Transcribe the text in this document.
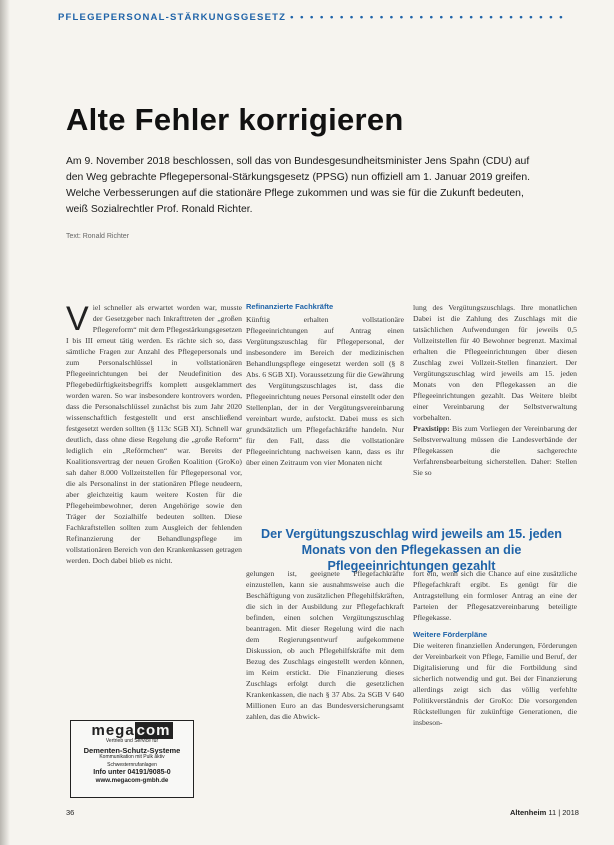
PFLEGEPERSONAL-STÄRKUNGSGESETZ • • • • • • • • • • • • • • • • • • • • • • • • • • • •
Alte Fehler korrigieren
Am 9. November 2018 beschlossen, soll das von Bundesgesundheitsminister Jens Spahn (CDU) auf den Weg gebrachte Pflegepersonal-Stärkungsgesetz (PPSG) nun offiziell am 1. Januar 2019 greifen. Welche Verbesserungen auf die stationäre Pflege zukommen und was sie für die Zukunft bedeuten, weiß Sozialrechtler Prof. Ronald Richter.
Text: Ronald Richter
V iel schneller als erwartet worden war, musste der Gesetzgeber nach Inkrafttreten der „großen Pflegereform“ mit dem Pflegestärkungsgesetzen I bis III erneut tätig werden. Es rächte sich so, dass sämtliche Fragen zur Anzahl des Pflegepersonals und zum Personalschlüssel in vollstationären Pflegeeinrichtungen bei der Neudefinition des Pflegebedürftigkeitsbegriffs komplett ausgeklammert worden waren. So war insbesondere kontrovers worden, dass die Personalschlüssel zunächst bis zum Jahr 2020 wissenschaftlich festgestellt und erst anschließend festgesetzt werden sollten (§ 113c SGB XI). Schnell war deutlich, dass ohne diese Regelung die „große Reform“ lediglich ein „Reförmchen“ war. Bereits der Koalitionsvertrag der neuen Großen Koalition (GroKo) sah daher 8.000 Vollzeitstellen für Pflegepersonal vor, die als Personalinst in der stationären Pflege neudeern, aber gleichzeitig kaum weitere Kosten für die Pflegeheimbewohner, deren Angehörige sowie den Träger der Sozialhilfe bedeuten sollten. Diese Fachkraftstellen sollten zum Ausgleich der fehlenden Refinanzierung der Behandlungspflege im vollstationären Bereich von den Krankenkassen getragen werden. Doch dabei blieb es nicht.

Refinanzierte Fachkräfte

Künftig erhalten vollstationäre Pflegeeinrichtungen auf Antrag einen Vergütungszuschlag für Pflegepersonal, der insbesondere im Bereich der medizinischen Behandlungspflege eingesetzt werden soll (§ 8 Abs. 6 SGB XI). Voraussetzung für die Gewährung des Vergütungszuschlages ist, dass die Pflegeeinrichtung neues Personal einstellt oder den Stellenplan, der in der Vergütungsvereinbarung vereinbart wurde, aufstockt. Dabei muss es sich grundsätzlich um Pflegefachkräfte handeln. Nur für den Fall, dass die vollstationäre Pflegeeinrichtung nachweisen kann, dass es ihr über einen Zeitraum von vier Monaten nicht

lung des Vergütungszuschlags. Ihre monatlichen Dabei ist die Zahlung des Zuschlags mit die tatsächlichen Aufwendungen für jeweils 0,5 Vollzeitstellen für 40 Bewohner begrenzt. Maximal erhalten die Pflegeeinrichtungen über diesen Zuschlag zwei Vollzeit-Stellen finanziert. Der Vergütungszuschlag wird jeweils am 15. jeden Monats von den Pflegekassen an die Pflegeeinrichtungen gezahlt. Das Weitere bleibt einer Vereinbarung der Selbstverwaltung vorbehalten.

Praxistipp: Bis zum Vorliegen der Vereinbarung der Selbstverwaltung müssen die Landesverbände der Pflegekassen die sachgerechte Verfahrensbearbeitung sicherstellen. Daher: Stellen Sie so

Der Vergütungszuschlag wird jeweils am 15. jeden Monats von den Pflegekassen an die Pflegeeinrichtungen gezahlt

gelungen ist, geeignete Pflegefachkräfte einzustellen, kann sie ausnahmsweise auch die Beschäftigung von zusätzlichen Pflegehilfskräften, die sich in der Ausbildung zur Pflegefachkraft befinden, einen solchen Vergütungszuschlag beantragen. Mit dieser Regelung wird die nach dem Regierungsentwurf aufgekommene Diskussion, ob auch Pflegehilfskräfte mit dem Bezug des Zuschlags eingestellt werden können, im Keim erstickt. Die Finanzierung dieses Zuschlags erfolgt durch die gesetzlichen Krankenkassen, die nach § 37 Abs. 2a SGB V 640 Millionen Euro an das Bundesversicherungsamt zahlen, das die Abwick-

fort ein, wenn sich die Chance auf eine zusätzliche Pflegefachkraft ergibt. Es genügt für die Antragstellung ein formloser Antrag an eine der Parteien der Pflegesatzvereinbarung beteiligte Pflegekasse.

Weitere Förderpläne

Die weiteren finanziellen Änderungen, Förderungen der Vereinbarkeit von Pflege, Familie und Beruf, der Digitalisierung und für die Fortbildung sind sicherlich notwendig und gut. Bei der Finanzierung allerdings zeigt sich das völlig verfehlte Politikverständnis der GroKo: Die vorsorgenden Rückstellungen für zukünftige Generationen, die insbeson-

mega com
Vertrieb und Service für
Dementen-Schutz-Systeme
Kommunikation mit Pulk aktiv
Schwesternrufanlagen
Info unter 04191/9085-0
www.megacom-gmbh.de
36	Altenheim 11 | 2018
